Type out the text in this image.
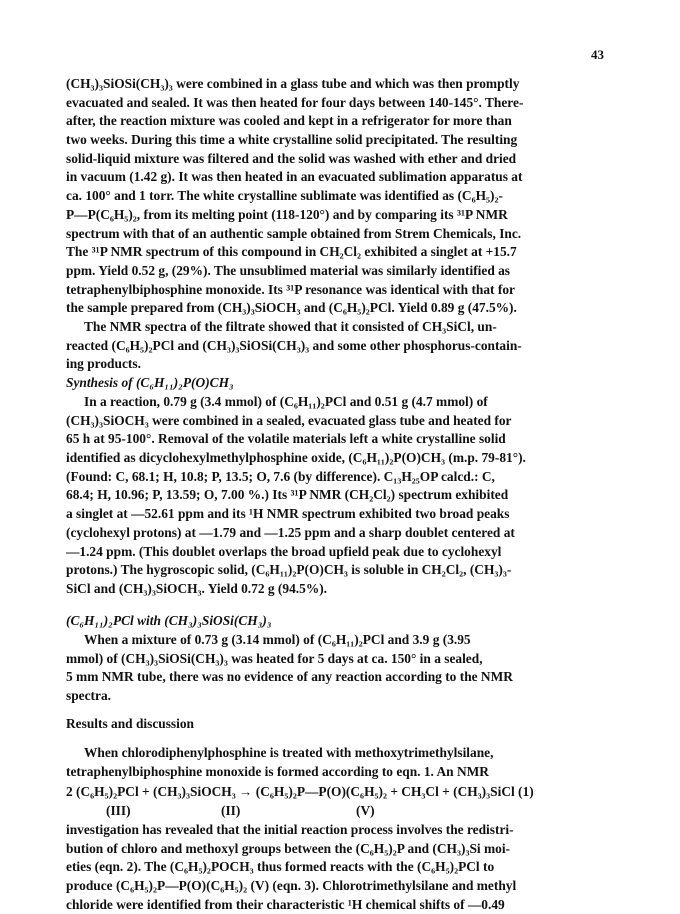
43
(CH₃)₃SiOSi(CH₃)₃ were combined in a glass tube and which was then promptly
evacuated and sealed. It was then heated for four days between 140-145°. There-
after, the reaction mixture was cooled and kept in a refrigerator for more than
two weeks. During this time a white crystalline solid precipitated. The resulting
solid-liquid mixture was filtered and the solid was washed with ether and dried
in vacuum (1.42 g). It was then heated in an evacuated sublimation apparatus at
ca. 100° and 1 torr. The white crystalline sublimate was identified as (C₆H₅)₂-
P—P(C₆H₅)₂, from its melting point (118-120°) and by comparing its ³¹P NMR
spectrum with that of an authentic sample obtained from Strem Chemicals, Inc.
The ³¹P NMR spectrum of this compound in CH₂Cl₂ exhibited a singlet at +15.7
ppm. Yield 0.52 g, (29%). The unsublimed material was similarly identified as
tetraphenylbiphosphine monoxide. Its ³¹P resonance was identical with that for
the sample prepared from (CH₃)₃SiOCH₃ and (C₆H₅)₂PCl. Yield 0.89 g (47.5%).
The NMR spectra of the filtrate showed that it consisted of CH₃SiCl, un-
reacted (C₆H₅)₂PCl and (CH₃)₃SiOSi(CH₃)₃ and some other phosphorus-contain-
ing products.
Synthesis of (C₆H₁₁)₂P(O)CH₃
In a reaction, 0.79 g (3.4 mmol) of (C₆H₁₁)₂PCl and 0.51 g (4.7 mmol) of
(CH₃)₃SiOCH₃ were combined in a sealed, evacuated glass tube and heated for
65 h at 95-100°. Removal of the volatile materials left a white crystalline solid
identified as dicyclohexylmethylphosphine oxide, (C₆H₁₁)₂P(O)CH₃ (m.p. 79-81°).
(Found: C, 68.1; H, 10.8; P, 13.5; O, 7.6 (by difference). C₁₃H₂₅OP calcd.: C,
68.4; H, 10.96; P, 13.59; O, 7.00 %.) Its ³¹P NMR (CH₂Cl₂) spectrum exhibited
a singlet at —52.61 ppm and its ¹H NMR spectrum exhibited two broad peaks
(cyclohexyl protons) at —1.79 and —1.25 ppm and a sharp doublet centered at
—1.24 ppm. (This doublet overlaps the broad upfield peak due to cyclohexyl
protons.) The hygroscopic solid, (C₆H₁₁)₂P(O)CH₃ is soluble in CH₂Cl₂, (CH₃)₃-
SiCl and (CH₃)₃SiOCH₃. Yield 0.72 g (94.5%).
(C₆H₁₁)₂PCl with (CH₃)₃SiOSi(CH₃)₃
When a mixture of 0.73 g (3.14 mmol) of (C₆H₁₁)₂PCl and 3.9 g (3.95
mmol) of (CH₃)₃SiOSi(CH₃)₃ was heated for 5 days at ca. 150° in a sealed,
5 mm NMR tube, there was no evidence of any reaction according to the NMR
spectra.
Results and discussion
When chlorodiphenylphosphine is treated with methoxytrimethylsilane,
tetraphenylbiphosphine monoxide is formed according to eqn. 1. An NMR
2 (C₆H₅)₂PCl + (CH₃)₃SiOCH₃ → (C₆H₅)₂P—P(O)(C₆H₅)₂ + CH₃Cl + (CH₃)₃SiCl (1)
(III)	(II)	(V)
investigation has revealed that the initial reaction process involves the redistri-
bution of chloro and methoxyl groups between the (C₆H₅)₂P and (CH₃)₃Si moi-
eties (eqn. 2). The (C₆H₅)₂POCH₃ thus formed reacts with the (C₆H₅)₂PCl to
produce (C₆H₅)₂P—P(O)(C₆H₅)₂ (V) (eqn. 3). Chlorotrimethylsilane and methyl
chloride were identified from their characteristic ¹H chemical shifts of —0.49
